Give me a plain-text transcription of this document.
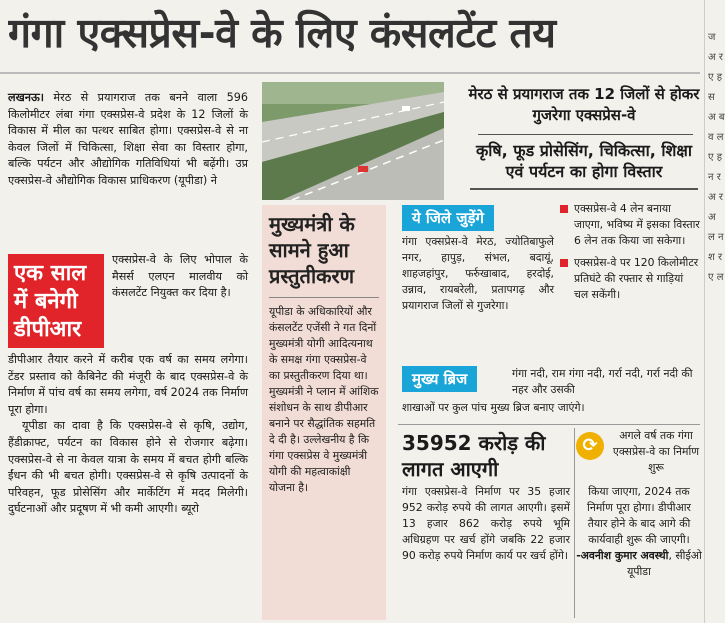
गंगा एक्सप्रेस-वे के लिए कंसलटेंट तय	ज अ र ए ह स अ ब व ल ए ह न र अ र अ ल न श र ए ल
लखनऊ। मेरठ से प्रयागराज तक बनने वाला 596 किलोमीटर लंबा गंगा एक्सप्रेस-वे प्रदेश के 12 जिलों के विकास में मील का पत्थर साबित होगा। एक्सप्रेस-वे से ना केवल जिलों में चिकित्सा, शिक्षा सेवा का विस्तार होगा, बल्कि पर्यटन और औद्योगिक गतिविधियां भी बढ़ेंगी। उप्र एक्सप्रेस-वे औद्योगिक विकास प्राधिकरण (यूपीडा) ने
एक साल में बनेगी डीपीआर
एक्सप्रेस-वे के लिए भोपाल के मैसर्स एलएन मालवीय को कंसलटेंट नियुक्त कर दिया है।

डीपीआर तैयार करने में करीब एक वर्ष का समय लगेगा। टेंडर प्रस्ताव को कैबिनेट की मंजूरी के बाद एक्सप्रेस-वे के निर्माण में पांच वर्ष का समय लगेगा, वर्ष 2024 तक निर्माण पूरा होगा।

यूपीडा का दावा है कि एक्सप्रेस-वे से कृषि, उद्योग, हैंडीक्राफ्ट, पर्यटन का विकास होने से रोजगार बढ़ेगा। एक्सप्रेस-वे से ना केवल यात्रा के समय में बचत होगी बल्कि ईंधन की भी बचत होगी। एक्सप्रेस-वे से कृषि उत्पादनों के परिवहन, फूड प्रोसेसिंग और मार्केटिंग में मदद मिलेगी। दुर्घटनाओं और प्रदूषण में भी कमी आएगी। ब्यूरो

मुख्यमंत्री के सामने हुआ प्रस्तुतीकरण
यूपीडा के अधिकारियों और कंसलटेंट एजेंसी ने गत दिनों मुख्यमंत्री योगी आदित्यनाथ के समक्ष गंगा एक्सप्रेस-वे का प्रस्तुतीकरण दिया था। मुख्यमंत्री ने प्लान में आंशिक संशोधन के साथ डीपीआर बनाने पर सैद्धांतिक सहमति दे दी है। उल्लेखनीय है कि गंगा एक्सप्रेस वे मुख्यमंत्री योगी की महत्वाकांक्षी योजना है।
मेरठ से प्रयागराज तक 12 जिलों से होकर गुजरेगा एक्सप्रेस-वे
कृषि, फूड प्रोसेसिंग, चिकित्सा, शिक्षा एवं पर्यटन का होगा विस्तार
ये जिले जुड़ेंगे
गंगा एक्सप्रेस-वे मेरठ, ज्योतिबाफुले नगर, हापुड़, संभल, बदायूं, शाहजहांपुर, फर्रुखाबाद, हरदोई, उन्नाव, रायबरेली, प्रतापगढ़ और प्रयागराज जिलों से गुजरेगा।
एक्सप्रेस-वे 4 लेन बनाया जाएगा, भविष्य में इसका विस्तार 6 लेन तक किया जा सकेगा।
एक्सप्रेस-वे पर 120 किलोमीटर प्रतिघंटे की रफ्तार से गाड़ियां चल सकेंगी।
मुख्य ब्रिज	गंगा नदी, राम गंगा नदी, गर्रा नदी, गर्रा नदी की नहर और उसकी
शाखाओं पर कुल पांच मुख्य ब्रिज बनाए जाएंगे।
35952 करोड़ की लागत आएगी
गंगा एक्सप्रेस-वे निर्माण पर 35 हजार 952 करोड़ रुपये की लागत आएगी। इसमें 13 हजार 862 करोड़ रुपये भूमि अधिग्रहण पर खर्च होंगे जबकि 22 हजार 90 करोड़ रुपये निर्माण कार्य पर खर्च होंगे।
⟳	अगले वर्ष तक गंगा एक्सप्रेस-वे का निर्माण शुरू
किया जाएगा, 2024 तक निर्माण पूरा होगा। डीपीआर तैयार होने के बाद आगे की कार्यवाही शुरू की जाएगी।
-अवनीश कुमार अवस्थी, सीईओ यूपीडा
